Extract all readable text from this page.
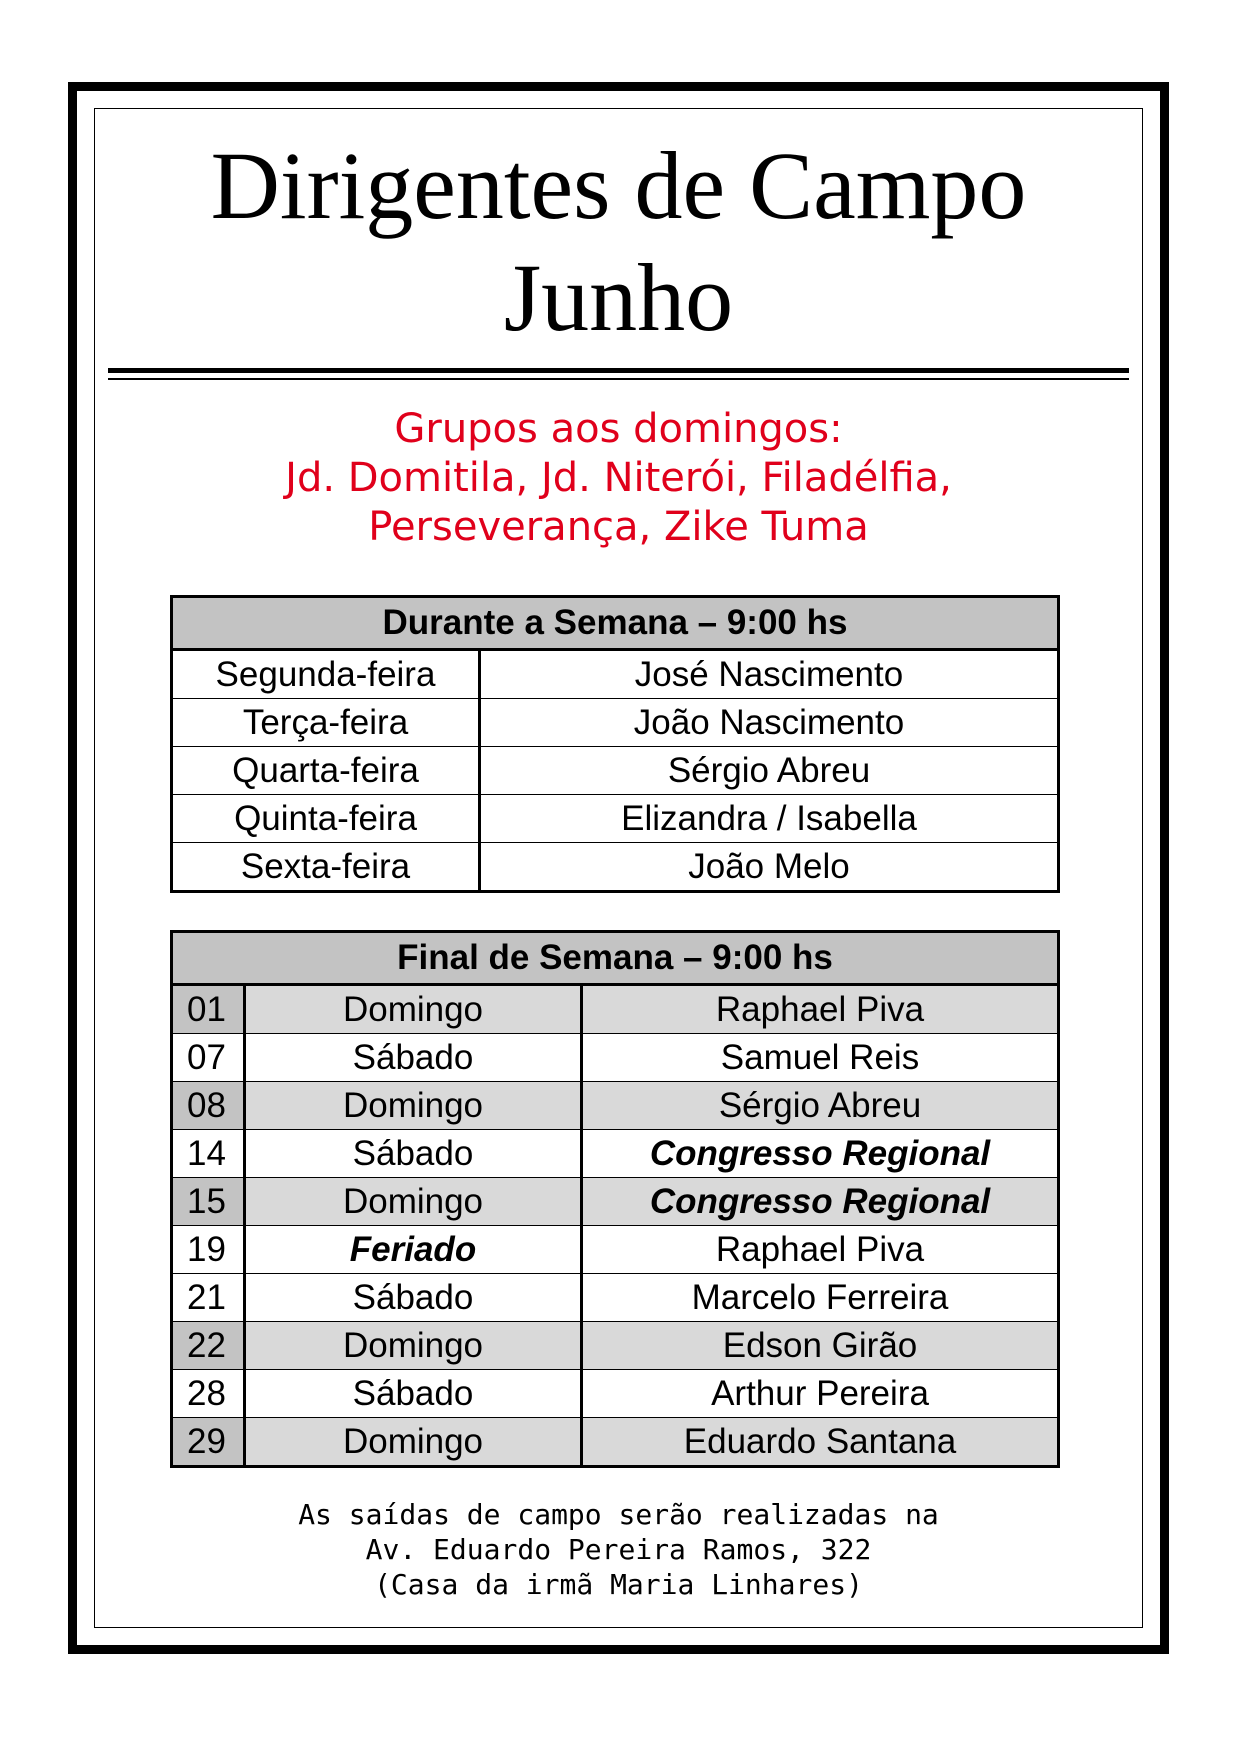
Dirigentes de Campo
Junho
Grupos aos domingos:
Jd. Domitila, Jd. Niterói, Filadélfia,
Perseverança, Zike Tuma
Durante a Semana – 9:00 hs	
Segunda-feira	José Nascimento
Terça-feira	João Nascimento
Quarta-feira	Sérgio Abreu
Quinta-feira	Elizandra / Isabella
Sexta-feira	João Melo
Final de Semana – 9:00 hs		
01	Domingo	Raphael Piva
07	Sábado	Samuel Reis
08	Domingo	Sérgio Abreu
14	Sábado	Congresso Regional
15	Domingo	Congresso Regional
19	Feriado	Raphael Piva
21	Sábado	Marcelo Ferreira
22	Domingo	Edson Girão
28	Sábado	Arthur Pereira
29	Domingo	Eduardo Santana
As saídas de campo serão realizadas na
Av. Eduardo Pereira Ramos, 322
(Casa da irmã Maria Linhares)
